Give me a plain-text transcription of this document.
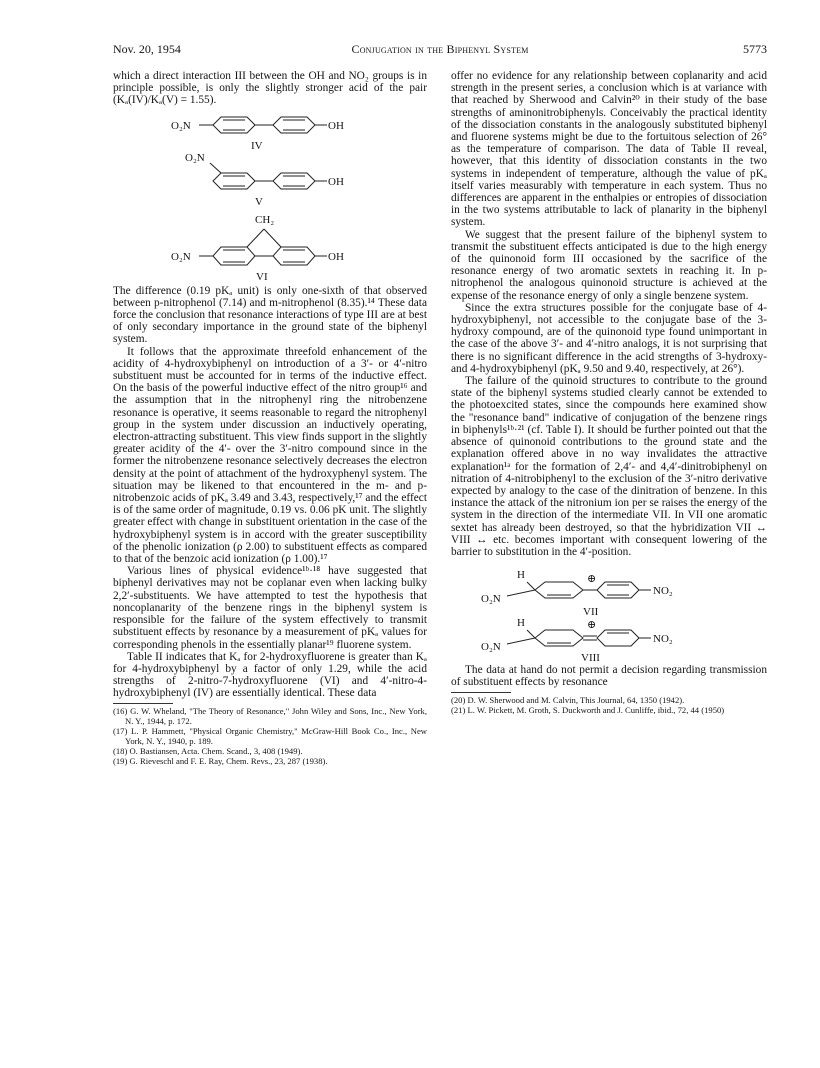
Nov. 20, 1954	Conjugation in the Biphenyl System	5773

which a direct interaction III between the OH and NO₂ groups is in principle possible, is only the slightly stronger acid of the pair (Kₐ(IV)/Kₐ(V) = 1.55).

O₂N	OH
IV
O₂N
OH
V
CH₂
O₂N	OH
VI

The difference (0.19 pKₐ unit) is only one-sixth of that observed between p-nitrophenol (7.14) and m-nitrophenol (8.35).¹⁴ These data force the conclusion that resonance interactions of type III are at best of only secondary importance in the ground state of the biphenyl system.

It follows that the approximate threefold enhancement of the acidity of 4-hydroxybiphenyl on introduction of a 3′- or 4′-nitro substituent must be accounted for in terms of the inductive effect. On the basis of the powerful inductive effect of the nitro group¹⁶ and the assumption that in the nitrophenyl ring the nitrobenzene resonance is operative, it seems reasonable to regard the nitrophenyl group in the system under discussion an inductively operating, electron-attracting substituent. This view finds support in the slightly greater acidity of the 4′- over the 3′-nitro compound since in the former the nitrobenzene resonance selectively decreases the electron density at the point of attachment of the hydroxyphenyl system. The situation may be likened to that encountered in the m- and p-nitrobenzoic acids of pKₐ 3.49 and 3.43, respectively,¹⁷ and the effect is of the same order of magnitude, 0.19 vs. 0.06 pK unit. The slightly greater effect with change in substituent orientation in the case of the hydroxybiphenyl system is in accord with the greater susceptibility of the phenolic ionization (ρ 2.00) to substituent effects as compared to that of the benzoic acid ionization (ρ 1.00).¹⁷

Various lines of physical evidence¹ᵇ·¹⁸ have suggested that biphenyl derivatives may not be coplanar even when lacking bulky 2,2′-substituents. We have attempted to test the hypothesis that noncoplanarity of the benzene rings in the biphenyl system is responsible for the failure of the system effectively to transmit substituent effects by resonance by a measurement of pKₐ values for corresponding phenols in the essentially planar¹⁹ fluorene system.

Table II indicates that Kₐ for 2-hydroxyfluorene is greater than Kₐ for 4-hydroxybiphenyl by a factor of only 1.29, while the acid strengths of 2-nitro-7-hydroxyfluorene (VI) and 4′-nitro-4-hydroxybiphenyl (IV) are essentially identical. These data

(16) G. W. Wheland, "The Theory of Resonance," John Wiley and Sons, Inc., New York, N. Y., 1944, p. 172.

(17) L. P. Hammett, "Physical Organic Chemistry," McGraw-Hill Book Co., Inc., New York, N. Y., 1940, p. 189.

(18) O. Bastiansen, Acta. Chem. Scand., 3, 408 (1949).

(19) G. Rieveschl and F. E. Ray, Chem. Revs., 23, 287 (1938).

offer no evidence for any relationship between coplanarity and acid strength in the present series, a conclusion which is at variance with that reached by Sherwood and Calvin²⁰ in their study of the base strengths of aminonitrobiphenyls. Conceivably the practical identity of the dissociation constants in the analogously substituted biphenyl and fluorene systems might be due to the fortuitous selection of 26° as the temperature of comparison. The data of Table II reveal, however, that this identity of dissociation constants in the two systems in independent of temperature, although the value of pKₐ itself varies measurably with temperature in each system. Thus no differences are apparent in the enthalpies or entropies of dissociation in the two systems attributable to lack of planarity in the biphenyl system.

We suggest that the present failure of the biphenyl system to transmit the substituent effects anticipated is due to the high energy of the quinonoid form III occasioned by the sacrifice of the resonance energy of two aromatic sextets in reaching it. In p-nitrophenol the analogous quinonoid structure is achieved at the expense of the resonance energy of only a single benzene system.

Since the extra structures possible for the conjugate base of 4-hydroxybiphenyl, not accessible to the conjugate base of the 3-hydroxy compound, are of the quinonoid type found unimportant in the case of the above 3′- and 4′-nitro analogs, it is not surprising that there is no significant difference in the acid strengths of 3-hydroxy- and 4-hydroxybiphenyl (pKₐ 9.50 and 9.40, respectively, at 26°).

The failure of the quinoid structures to contribute to the ground state of the biphenyl systems studied clearly cannot be extended to the photoexcited states, since the compounds here examined show the "resonance band" indicative of conjugation of the benzene rings in biphenyls¹ᵇ·²¹ (cf. Table I). It should be further pointed out that the absence of quinonoid contributions to the ground state and the explanation offered above in no way invalidates the attractive explanation¹ᵃ for the formation of 2,4′- and 4,4′-dinitrobiphenyl on nitration of 4-nitrobiphenyl to the exclusion of the 3′-nitro derivative expected by analogy to the case of the dinitration of benzene. In this instance the attack of the nitronium ion per se raises the energy of the system in the direction of the intermediate VII. In VII one aromatic sextet has already been destroyed, so that the hybridization VII ↔ VIII ↔ etc. becomes important with consequent lowering of the barrier to substitution in the 4′-position.

H
O₂N
⊕
NO₂
VII
H
O₂N
⊕
NO₂
VIII

The data at hand do not permit a decision regarding transmission of substituent effects by resonance

(20) D. W. Sherwood and M. Calvin, This Journal, 64, 1350 (1942).

(21) L. W. Pickett, M. Groth, S. Duckworth and J. Cunliffe, ibid., 72, 44 (1950)
